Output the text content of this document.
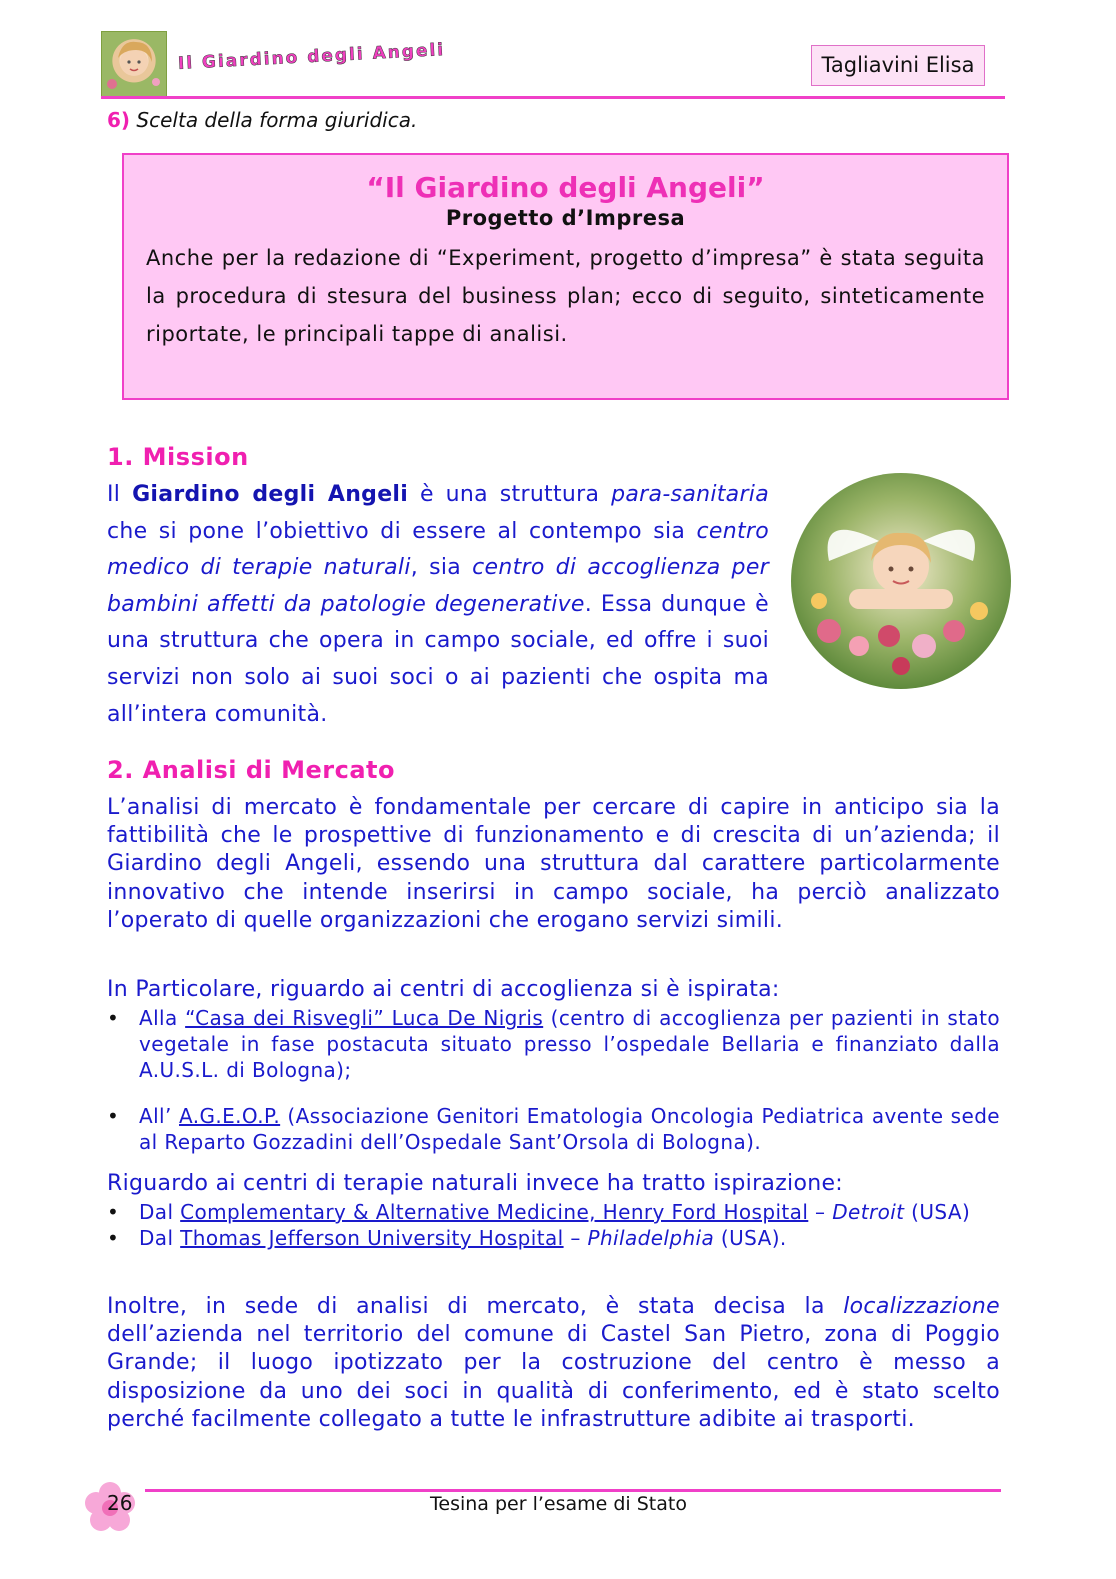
Il Giardino degli Angeli	Tagliavini Elisa
6) Scelta della forma giuridica.
“Il Giardino degli Angeli”
Progetto d’Impresa
Anche per la redazione di “Experiment, progetto d’impresa” è stata seguita la procedura di stesura del business plan; ecco di seguito, sinteticamente riportate, le principali tappe di analisi.
1. Mission
Il Giardino degli Angeli è una struttura para-sanitaria che si pone l’obiettivo di essere al contempo sia centro medico di terapie naturali, sia centro di accoglienza per bambini affetti da patologie degenerative. Essa dunque è una struttura che opera in campo sociale, ed offre i suoi servizi non solo ai suoi soci o ai pazienti che ospita ma all’intera comunità.
2. Analisi di Mercato
L’analisi di mercato è fondamentale per cercare di capire in anticipo sia la fattibilità che le prospettive di funzionamento e di crescita di un’azienda; il Giardino degli Angeli, essendo una struttura dal carattere particolarmente innovativo che intende inserirsi in campo sociale, ha perciò analizzato l’operato di quelle organizzazioni che erogano servizi simili.
In Particolare, riguardo ai centri di accoglienza si è ispirata:
• Alla “Casa dei Risvegli” Luca De Nigris (centro di accoglienza per pazienti in stato vegetale in fase postacuta situato presso l’ospedale Bellaria e finanziato dalla A.U.S.L. di Bologna);
• All’ A.G.E.O.P. (Associazione Genitori Ematologia Oncologia Pediatrica avente sede al Reparto Gozzadini dell’Ospedale Sant’Orsola di Bologna).
Riguardo ai centri di terapie naturali invece ha tratto ispirazione:
• Dal Complementary & Alternative Medicine, Henry Ford Hospital – Detroit (USA)
• Dal Thomas Jefferson University Hospital – Philadelphia (USA).
Inoltre, in sede di analisi di mercato, è stata decisa la localizzazione dell’azienda nel territorio del comune di Castel San Pietro, zona di Poggio Grande; il luogo ipotizzato per la costruzione del centro è messo a disposizione da uno dei soci in qualità di conferimento, ed è stato scelto perché facilmente collegato a tutte le infrastrutture adibite ai trasporti.
26	Tesina per l’esame di Stato
